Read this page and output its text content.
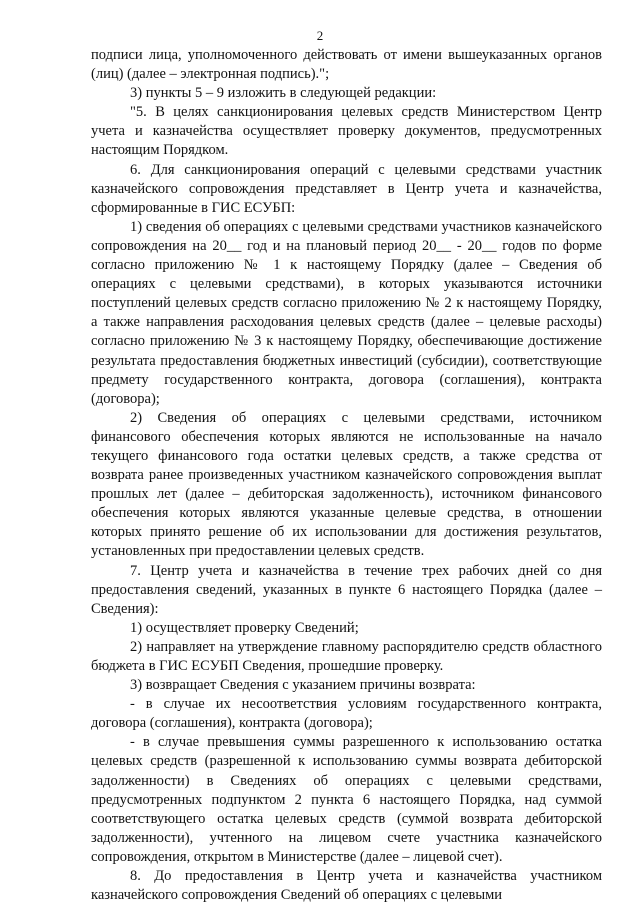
2

подписи лица, уполномоченного действовать от имени вышеуказанных органов (лиц) (далее – электронная подпись).";

3) пункты 5 – 9 изложить в следующей редакции:

"5. В целях санкционирования целевых средств Министерством Центр учета и казначейства осуществляет проверку документов, предусмотренных настоящим Порядком.

6. Для санкционирования операций с целевыми средствами участник казначейского сопровождения представляет в Центр учета и казначейства, сформированные в ГИС ЕСУБП:

1) сведения об операциях с целевыми средствами участников казначейского сопровождения на 20__ год и на плановый период 20__ - 20__ годов по форме согласно приложению № 1 к настоящему Порядку (далее – Сведения об операциях с целевыми средствами), в которых указываются источники поступлений целевых средств согласно приложению № 2 к настоящему Порядку, а также направления расходования целевых средств (далее – целевые расходы) согласно приложению № 3 к настоящему Порядку, обеспечивающие достижение результата предоставления бюджетных инвестиций (субсидии), соответствующие предмету государственного контракта, договора (соглашения), контракта (договора);

2) Сведения об операциях с целевыми средствами, источником финансового обеспечения которых являются не использованные на начало текущего финансового года остатки целевых средств, а также средства от возврата ранее произведенных участником казначейского сопровождения выплат прошлых лет (далее – дебиторская задолженность), источником финансового обеспечения которых являются указанные целевые средства, в отношении которых принято решение об их использовании для достижения результатов, установленных при предоставлении целевых средств.

7. Центр учета и казначейства в течение трех рабочих дней со дня предоставления сведений, указанных в пункте 6 настоящего Порядка (далее – Сведения):

1) осуществляет проверку Сведений;

2) направляет на утверждение главному распорядителю средств областного бюджета в ГИС ЕСУБП Сведения, прошедшие проверку.

3) возвращает Сведения с указанием причины возврата:

- в случае их несоответствия условиям государственного контракта, договора (соглашения), контракта (договора);

- в случае превышения суммы разрешенного к использованию остатка целевых средств (разрешенной к использованию суммы возврата дебиторской задолженности) в Сведениях об операциях с целевыми средствами, предусмотренных подпунктом 2 пункта 6 настоящего Порядка, над суммой соответствующего остатка целевых средств (суммой возврата дебиторской задолженности), учтенного на лицевом счете участника казначейского сопровождения, открытом в Министерстве (далее – лицевой счет).

8. До предоставления в Центр учета и казначейства участником казначейского сопровождения Сведений об операциях с целевыми
